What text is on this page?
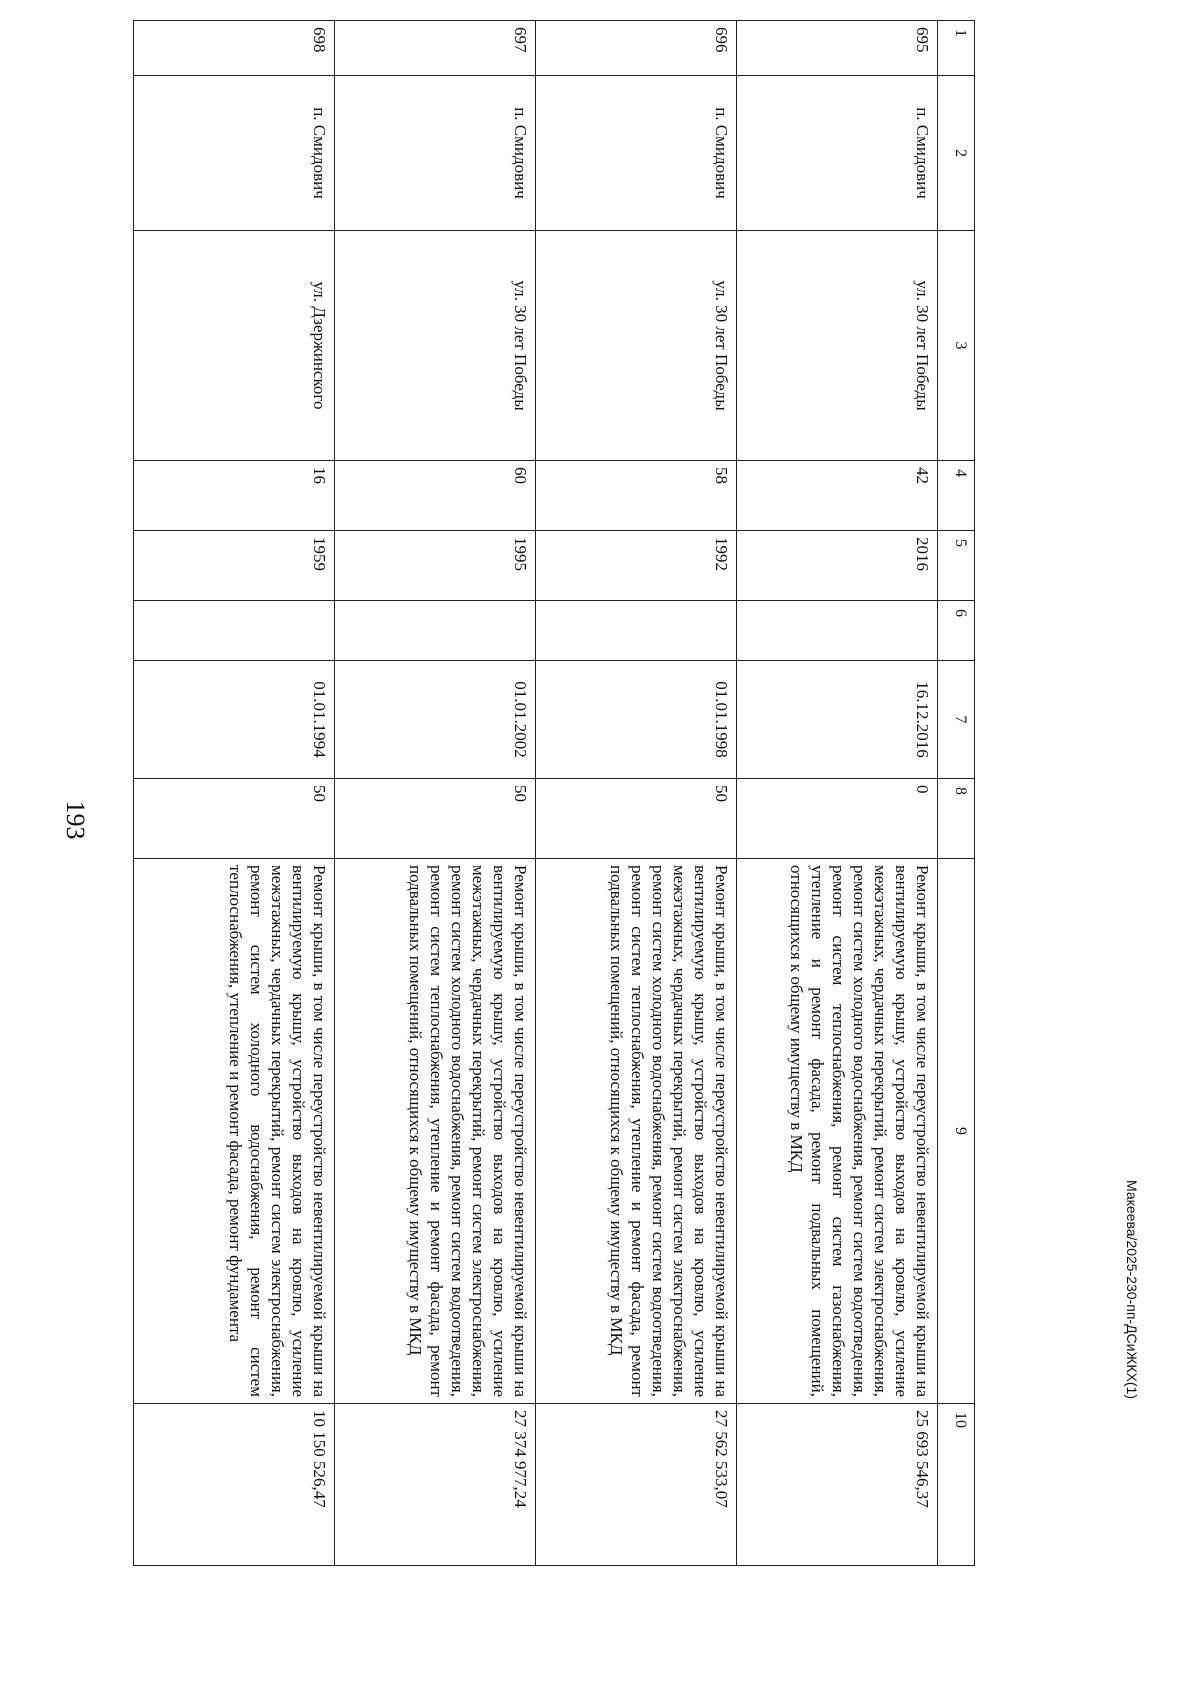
193
Макеева/2025-230-пп-ДСиЖКХ(1)
1	2	3	4	5	6	7	8	9	10
695	п. Смидович	ул. 30 лет Победы	42	2016		16.12.2016	0	Ремонт крыши, в том числе переустройство невентилируемой крыши на вентилируемую крышу, устройство выходов на кровлю, усиление межэтажных, чердачных перекрытий, ремонт систем электроснабжения, ремонт систем холодного водоснабжения, ремонт систем водоотведения, ремонт систем теплоснабжения, ремонт систем газоснабжения, утепление и ремонт фасада, ремонт подвальных помещений, относящихся к общему имуществу в МКД	25 693 546,37
696	п. Смидович	ул. 30 лет Победы	58	1992		01.01.1998	50	Ремонт крыши, в том числе переустройство невентилируемой крыши на вентилируемую крышу, устройство выходов на кровлю, усиление межэтажных, чердачных перекрытий, ремонт систем электроснабжения, ремонт систем холодного водоснабжения, ремонт систем водоотведения, ремонт систем теплоснабжения, утепление и ремонт фасада, ремонт подвальных помещений, относящихся к общему имуществу в МКД	27 562 533,07
697	п. Смидович	ул. 30 лет Победы	60	1995		01.01.2002	50	Ремонт крыши, в том числе переустройство невентилируемой крыши на вентилируемую крышу, устройство выходов на кровлю, усиление межэтажных, чердачных перекрытий, ремонт систем электроснабжения, ремонт систем холодного водоснабжения, ремонт систем водоотведения, ремонт систем теплоснабжения, утепление и ремонт фасада, ремонт подвальных помещений, относящихся к общему имуществу в МКД	27 374 977,24
698	п. Смидович	ул. Дзержинского	16	1959		01.01.1994	50	Ремонт крыши, в том числе переустройство невентилируемой крыши на вентилируемую крышу, устройство выходов на кровлю, усиление межэтажных, чердачных перекрытий, ремонт систем электроснабжения, ремонт систем холодного водоснабжения, ремонт систем теплоснабжения, утепление и ремонт фасада, ремонт фундамента	10 150 526,47
